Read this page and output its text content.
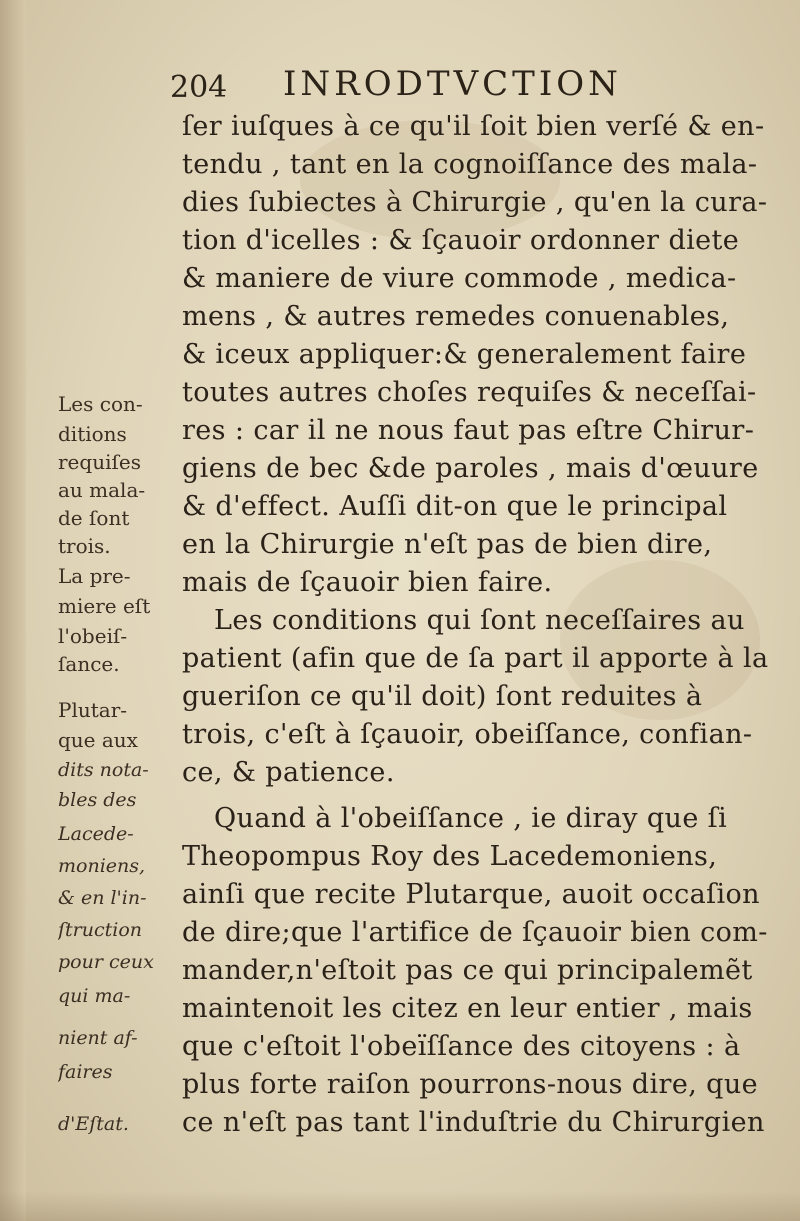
204 INRODTVCTION
ſer iuſques à ce qu'il ſoit bien verſé & en-
tendu , tant en la cognoiſſance des mala-
dies ſubiectes à Chirurgie , qu'en la cura-
tion d'icelles : & ſçauoir ordonner diete
& maniere de viure commode , medica-
mens , & autres remedes conuenables,
& iceux appliquer:& generalement faire
toutes autres choſes requiſes & neceſſai-
res : car il ne nous faut pas eſtre Chirur-
giens de bec &de paroles , mais d'œuure
& d'effect. Auſſi dit-on que le principal
en la Chirurgie n'eſt pas de bien dire,
mais de ſçauoir bien faire.
Les conditions qui ſont neceſſaires au
patient (afin que de ſa part il apporte à la
gueriſon ce qu'il doit) ſont reduites à
trois, c'eſt à ſçauoir, obeiſſance, confian-
ce, & patience.
Quand à l'obeiſſance , ie diray que ſi
Theopompus Roy des Lacedemoniens,
ainſi que recite Plutarque, auoit occaſion
de dire;que l'artifice de ſçauoir bien com-
mander,n'eſtoit pas ce qui principalemẽt
maintenoit les citez en leur entier , mais
que c'eſtoit l'obeïſſance des citoyens : à
plus forte raiſon pourrons-nous dire, que
ce n'eſt pas tant l'induſtrie du Chirurgien
Les con-
ditions
requiſes
au mala-
de ſont
trois.
La pre-
miere eſt
l'obeiſ-
ſance.
Plutar-
que aux
dits nota-
bles des
Lacede-
moniens,
& en l'in-
ſtruction
pour ceux
qui ma-
nient af-
faires
d'Eſtat.
